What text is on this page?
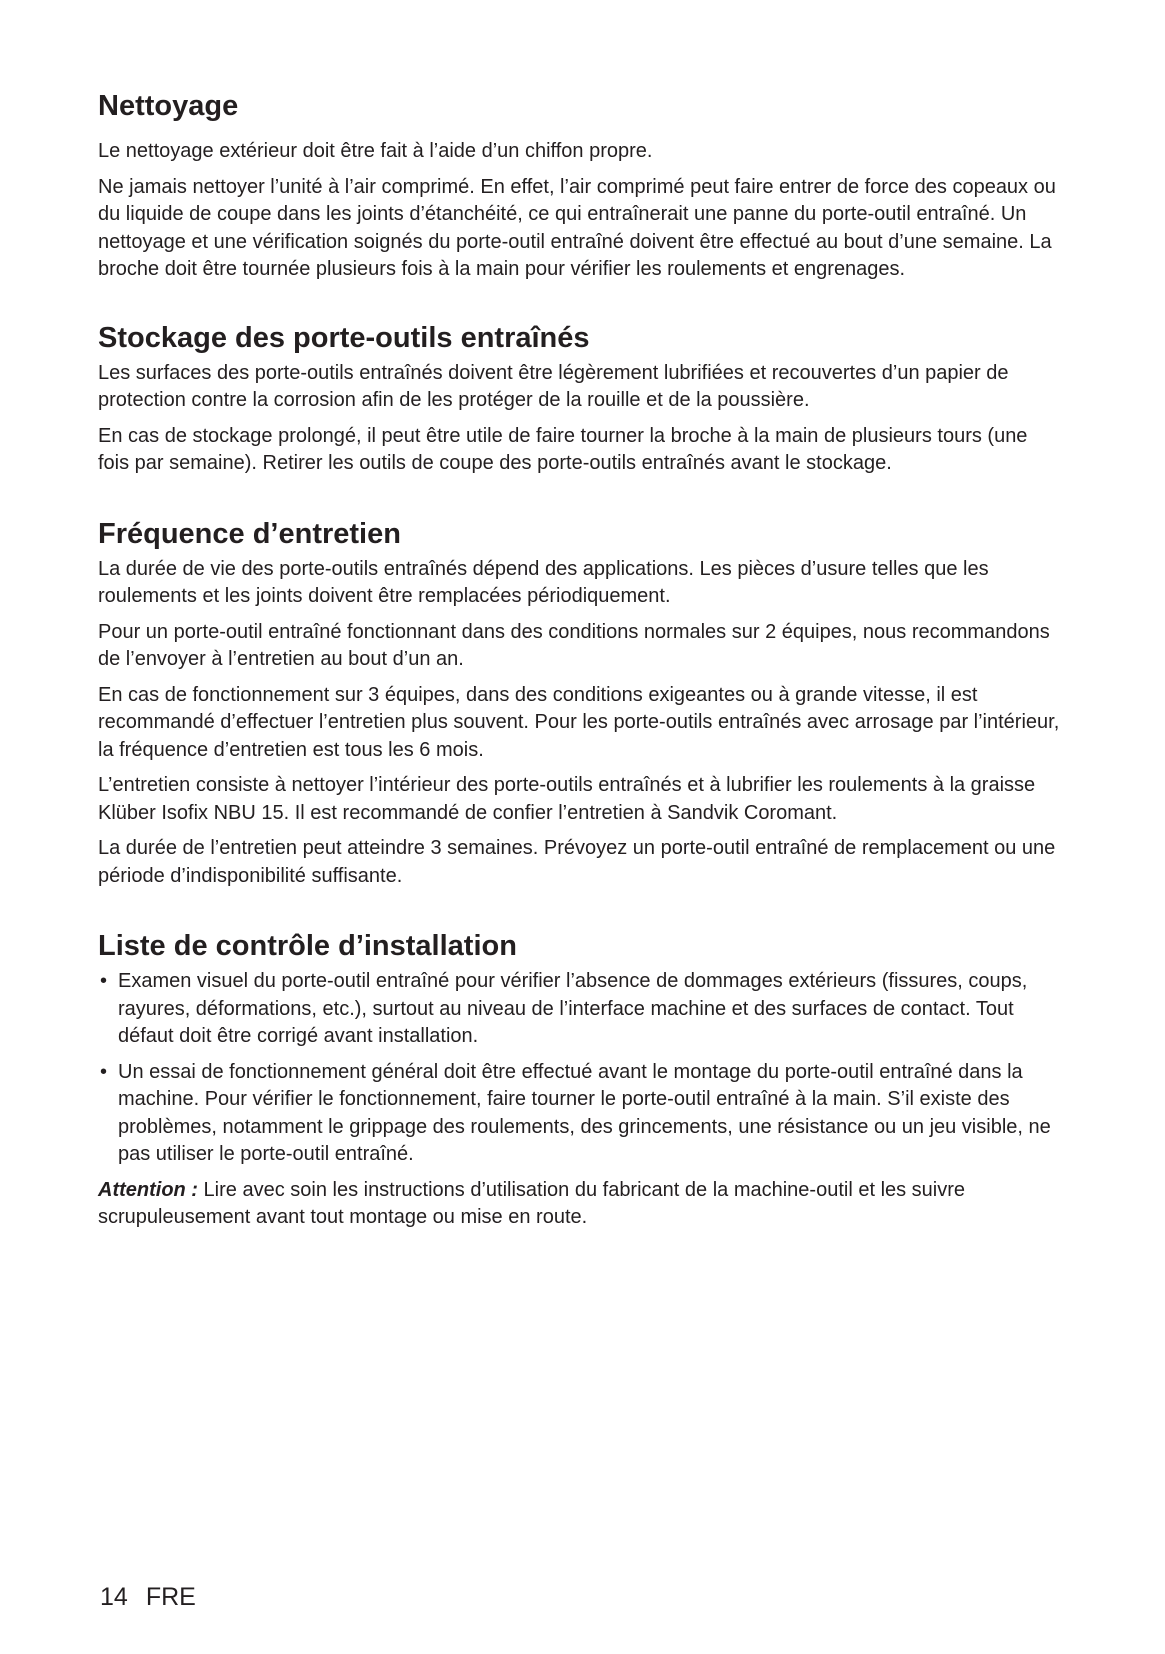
Nettoyage

Le nettoyage extérieur doit être fait à l’aide d’un chiffon propre.

Ne jamais nettoyer l’unité à l’air comprimé. En effet, l’air comprimé peut faire entrer de force des copeaux ou du liquide de coupe dans les joints d’étanchéité, ce qui entraînerait une panne du porte-outil entraîné. Un nettoyage et une vérification soignés du porte-outil entraîné doivent être effectué au bout d’une semaine. La broche doit être tournée plusieurs fois à la main pour vérifier les roulements et engrenages.

Stockage des porte-outils entraînés

Les surfaces des porte-outils entraînés doivent être légèrement lubrifiées et recouvertes d’un papier de protection contre la corrosion afin de les protéger de la rouille et de la poussière.

En cas de stockage prolongé, il peut être utile de faire tourner la broche à la main de plusieurs tours (une fois par semaine). Retirer les outils de coupe des porte-outils entraînés avant le stockage.

Fréquence d’entretien

La durée de vie des porte-outils entraînés dépend des applications. Les pièces d’usure telles que les roulements et les joints doivent être remplacées périodiquement.

Pour un porte-outil entraîné fonctionnant dans des conditions normales sur 2 équipes, nous recommandons de l’envoyer à l’entretien au bout d’un an.

En cas de fonctionnement sur 3 équipes, dans des conditions exigeantes ou à grande vitesse, il est recommandé d’effectuer l’entretien plus souvent. Pour les porte-outils entraînés avec arrosage par l’intérieur, la fréquence d’entretien est tous les 6 mois.

L’entretien consiste à nettoyer l’intérieur des porte-outils entraînés et à lubrifier les roulements à la graisse Klüber Isofix NBU 15. Il est recommandé de confier l’entretien à Sandvik Coromant.

La durée de l’entretien peut atteindre 3 semaines. Prévoyez un porte-outil entraîné de remplacement ou une période d’indisponibilité suffisante.

Liste de contrôle d’installation
• Examen visuel du porte-outil entraîné pour vérifier l’absence de dommages extérieurs (fissures, coups, rayures, déformations, etc.), surtout au niveau de l’interface machine et des surfaces de contact. Tout défaut doit être corrigé avant installation.
• Un essai de fonctionnement général doit être effectué avant le montage du porte-outil entraîné dans la machine. Pour vérifier le fonctionnement, faire tourner le porte-outil entraîné à la main. S’il existe des problèmes, notamment le grippage des roulements, des grincements, une résistance ou un jeu visible, ne pas utiliser le porte-outil entraîné.

Attention : Lire avec soin les instructions d’utilisation du fabricant de la machine-outil et les suivre scrupuleusement avant tout montage ou mise en route.

14 FRE
